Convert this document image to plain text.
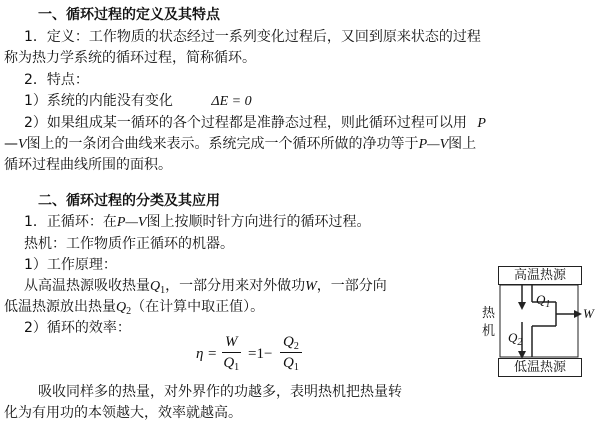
一、循环过程的定义及其特点
1．定义：工作物质的状态经过一系列变化过程后，又回到原来状态的过程
称为热力学系统的循环过程，简称循环。
2．特点：
1）系统的内能没有变化	ΔE = 0
2）如果组成某一循环的各个过程都是准静态过程，则此循环过程可以用 P
—V图上的一条闭合曲线来表示。系统完成一个循环所做的净功等于P—V图上
循环过程曲线所围的面积。
二、循环过程的分类及其应用
1．正循环：在P—V图上按顺时针方向进行的循环过程。
热机：工作物质作正循环的机器。
1）工作原理：
从高温热源吸收热量$Q_1$，一部分用来对外做功W，一部分向
低温热源放出热量$Q_2$（在计算中取正值）。
2）循环的效率：
$\eta = \frac{W}{Q_1} =1- \frac{Q_2}{Q_1}$
吸收同样多的热量，对外界作的功越多，表明热机把热量转
化为有用功的本领越大，效率就越高。
高温热源
低温热源
热
机
$Q_1$
$Q_2$
W
